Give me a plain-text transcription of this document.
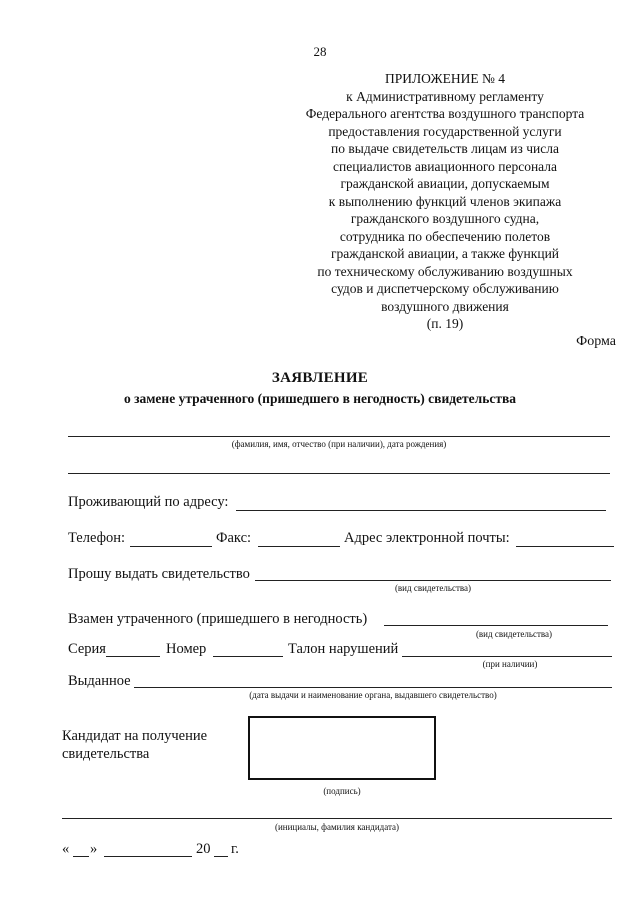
28
ПРИЛОЖЕНИЕ № 4
к Административному регламенту
Федерального агентства воздушного транспорта
предоставления государственной услуги
по выдаче свидетельств лицам из числа
специалистов авиационного персонала
гражданской авиации, допускаемым
к выполнению функций членов экипажа
гражданского воздушного судна,
сотрудника по обеспечению полетов
гражданской авиации, а также функций
по техническому обслуживанию воздушных
судов и диспетчерскому обслуживанию
воздушного движения
(п. 19)
Форма
ЗАЯВЛЕНИЕ
о замене утраченного (пришедшего в негодность) свидетельства
(фамилия, имя, отчество (при наличии), дата рождения)
Проживающий по адресу:
Телефон:	Факс:	Адрес электронной почты:
Прошу выдать свидетельство
(вид свидетельства)
Взамен утраченного (пришедшего в негодность)
(вид свидетельства)
Серия	Номер	Талон нарушений
(при наличии)
Выданное
(дата выдачи и наименование органа, выдавшего свидетельство)
Кандидат на получение
свидетельства
(подпись)
(инициалы, фамилия кандидата)
« »	20 г.
